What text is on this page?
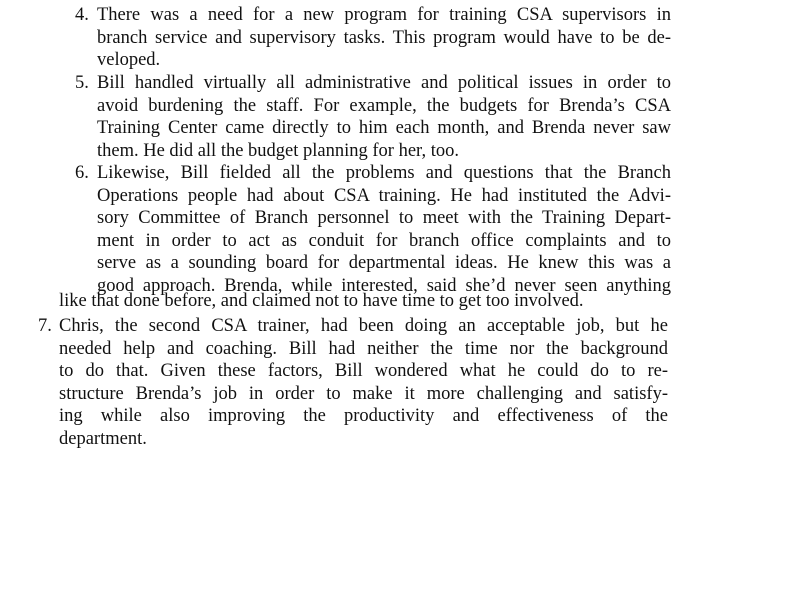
4. There was a need for a new program for training CSA supervisors in
branch service and supervisory tasks. This program would have to be de-
veloped.
5. Bill handled virtually all administrative and political issues in order to
avoid burdening the staff. For example, the budgets for Brenda’s CSA
Training Center came directly to him each month, and Brenda never saw
them. He did all the budget planning for her, too.
6. Likewise, Bill fielded all the problems and questions that the Branch
Operations people had about CSA training. He had instituted the Advi-
sory Committee of Branch personnel to meet with the Training Depart-
ment in order to act as conduit for branch office complaints and to
serve as a sounding board for departmental ideas. He knew this was a
good approach. Brenda, while interested, said she’d never seen anything
like that done before, and claimed not to have time to get too involved.
7. Chris, the second CSA trainer, had been doing an acceptable job, but he
needed help and coaching. Bill had neither the time nor the background
to do that. Given these factors, Bill wondered what he could do to re-
structure Brenda’s job in order to make it more challenging and satisfy-
ing while also improving the productivity and effectiveness of the
department.
